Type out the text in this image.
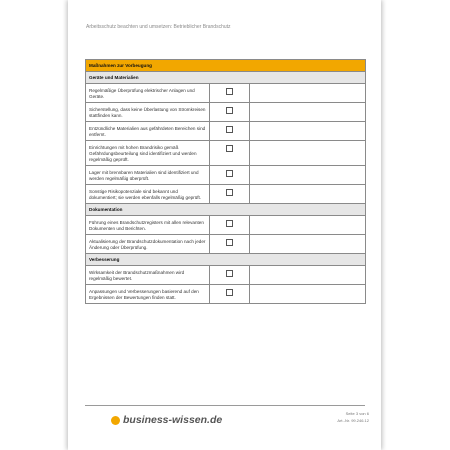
Arbeitsschutz beachten und umsetzen: Betrieblicher Brandschutz
Maßnahmen zur Vorbeugung		
Geräte und Materialien		
Regelmäßige Überprüfung elektrischer Anlagen und Geräte.		
Sicherstellung, dass keine Überlastung von Stromkreisen stattfinden kann.		
Entzündliche Materialien aus gefährdeten Bereichen sind entfernt.		
Einrichtungen mit hohen Brandrisiko gemäß Gefährdungsbeurteilung sind identifiziert und werden regelmäßig geprüft.		
Lager mit brennbaren Materialien sind identifiziert und werden regelmäßig überprüft.		
Sonstige Risikopotenziale sind bekannt und dokumentiert; sie werden ebenfalls regelmäßig geprüft.		
Dokumentation		
Führung eines Brandschutzregisters mit allen relevanten Dokumenten und Berichten.		
Aktualisierung der Brandschutzdokumentation nach jeder Änderung oder Überprüfung.		
Verbesserung		
Wirksamkeit der Brandschutzmaßnahmen wird regelmäßig bewertet.		
Anpassungen und Verbesserungen basierend auf den Ergebnissen der Bewertungen finden statt.		
business-wissen.de
Seite 3 von 6
Art.-Nr. 99.246.12
